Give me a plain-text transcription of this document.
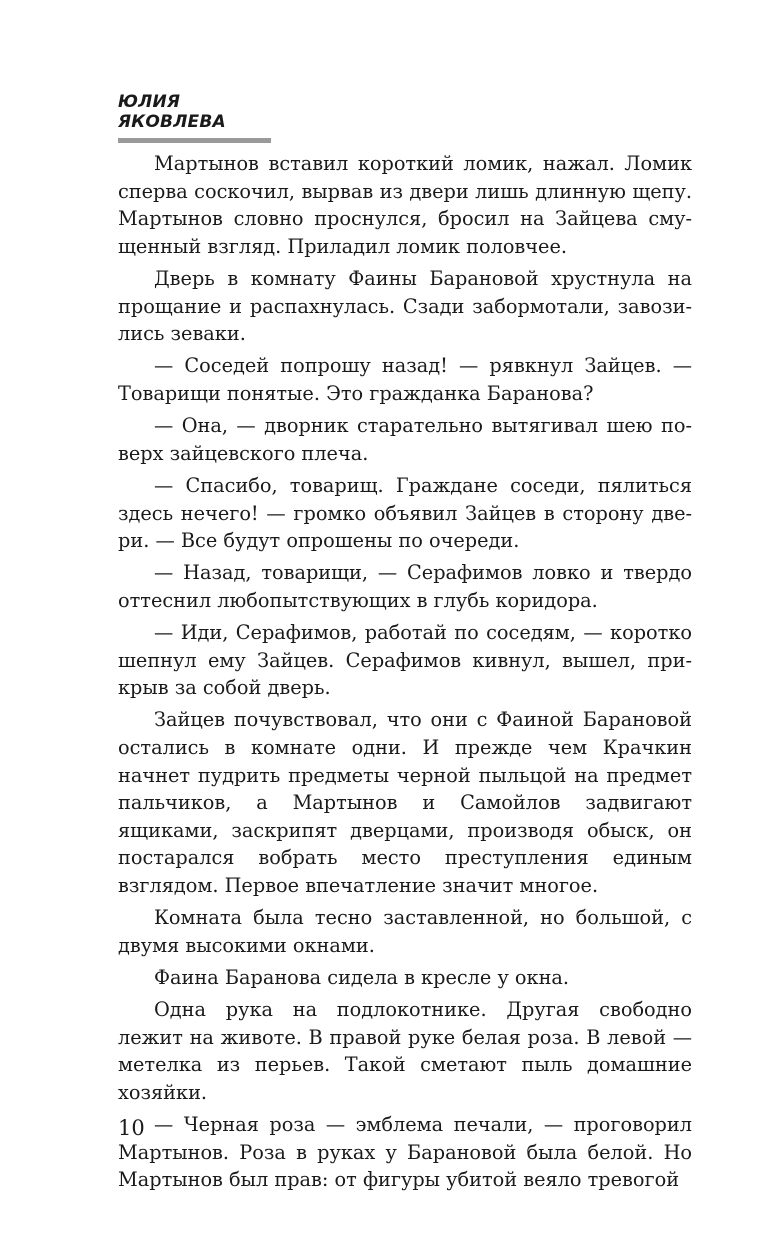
ЮЛИЯ ЯКОВЛЕВА

Мартынов вставил короткий ломик, нажал. Ломик сперва соскочил, вырвав из двери лишь длинную щепу. Мартынов словно проснулся, бросил на Зайцева смущенный взгляд. Приладил ломик половчее.

Дверь в комнату Фаины Барановой хрустнула на прощание и распахнулась. Сзади забормотали, завозились зеваки.

— Соседей попрошу назад! — рявкнул Зайцев. — Товарищи понятые. Это гражданка Баранова?

— Она, — дворник старательно вытягивал шею поверх зайцевского плеча.

— Спасибо, товарищ. Граждане соседи, пялиться здесь нечего! — громко объявил Зайцев в сторону двери. — Все будут опрошены по очереди.

— Назад, товарищи, — Серафимов ловко и твердо оттеснил любопытствующих в глубь коридора.

— Иди, Серафимов, работай по соседям, — коротко шепнул ему Зайцев. Серафимов кивнул, вышел, прикрыв за собой дверь.

Зайцев почувствовал, что они с Фаиной Барановой остались в комнате одни. И прежде чем Крачкин начнет пудрить предметы черной пыльцой на предмет пальчиков, а Мартынов и Самойлов задвигают ящиками, заскрипят дверцами, производя обыск, он постарался вобрать место преступления единым взглядом. Первое впечатление значит многое.

Комната была тесно заставленной, но большой, с двумя высокими окнами.

Фаина Баранова сидела в кресле у окна.

Одна рука на подлокотнике. Другая свободно лежит на животе. В правой руке белая роза. В левой — метелка из перьев. Такой сметают пыль домашние хозяйки.

— Черная роза — эмблема печали, — проговорил Мартынов. Роза в руках у Барановой была белой. Но Мартынов был прав: от фигуры убитой веяло тревогой

10
